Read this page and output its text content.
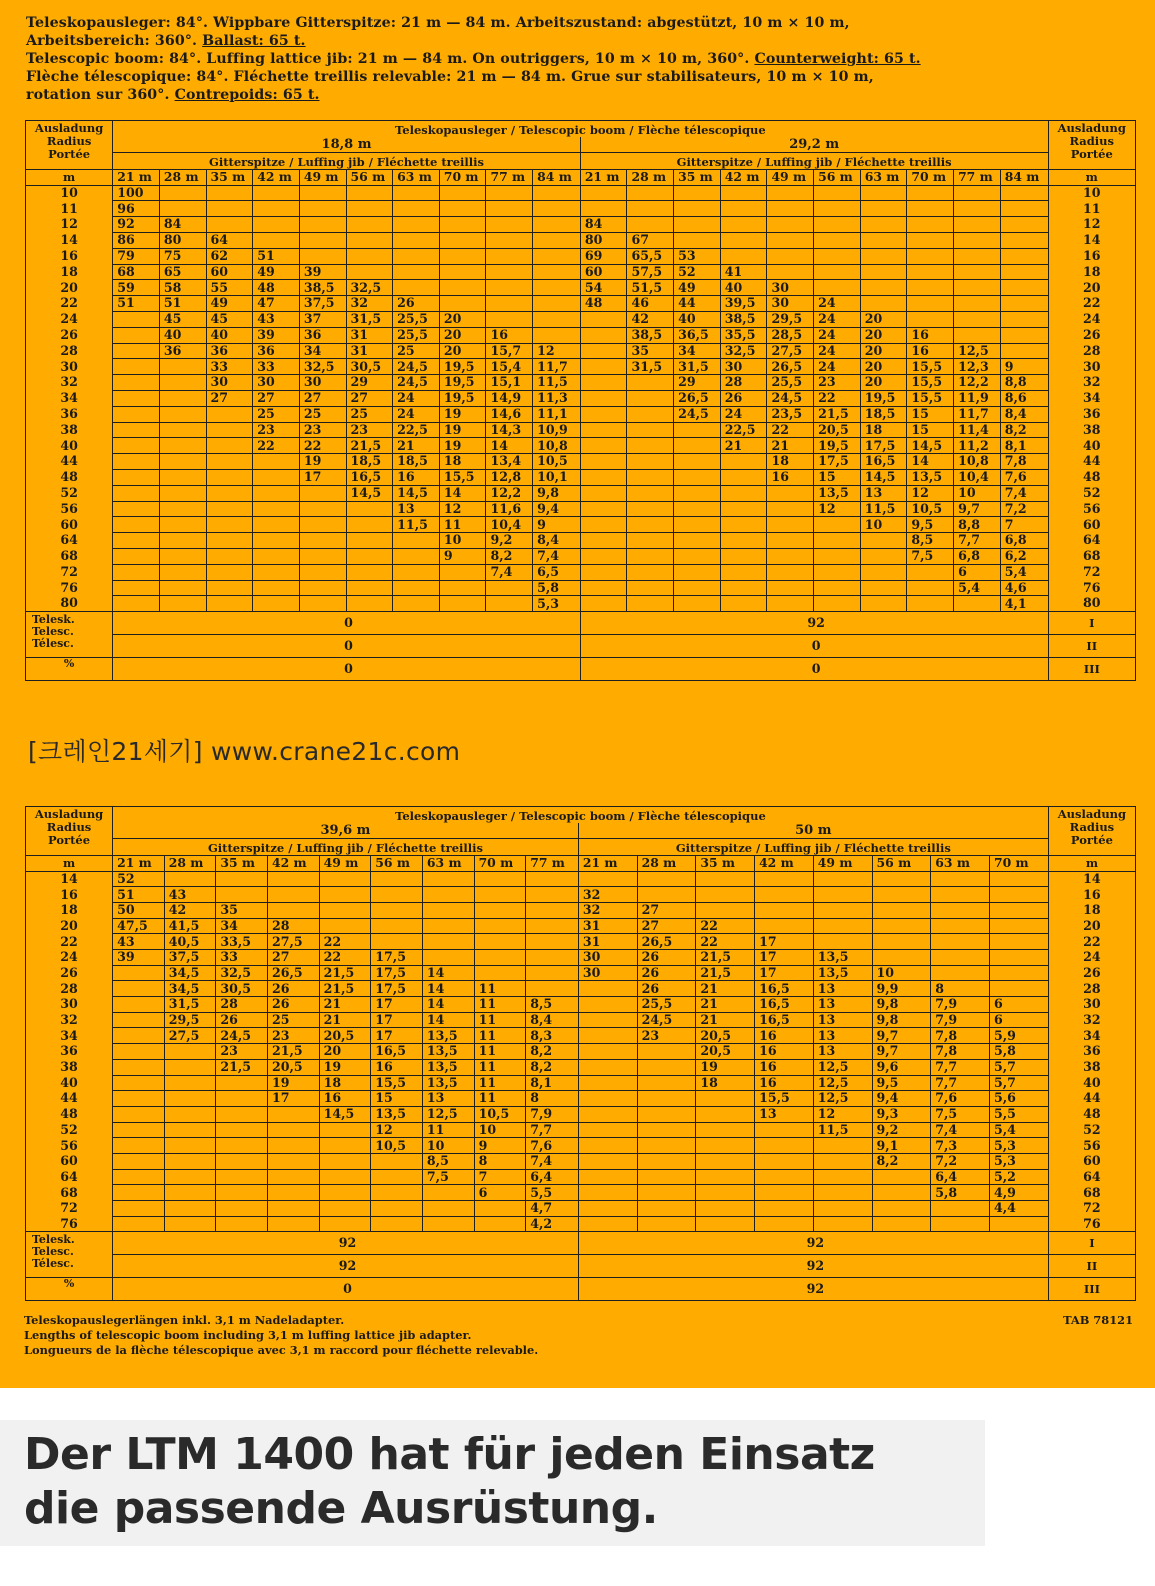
Teleskopausleger: 84°. Wippbare Gitterspitze: 21 m — 84 m. Arbeitszustand: abgestützt, 10 m × 10 m,
Arbeitsbereich: 360°. Ballast: 65 t.
Telescopic boom: 84°. Luffing lattice jib: 21 m — 84 m. On outriggers, 10 m × 10 m, 360°. Counterweight: 65 t.
Flèche télescopique: 84°. Fléchette treillis relevable: 21 m — 84 m. Grue sur stabilisateurs, 10 m × 10 m,
rotation sur 360°. Contrepoids: 65 t.
Ausladung
Radius
Portée	Teleskopausleger / Telescopic boom / Flèche télescopique																				Ausladung
Radius
Portée
	18,8 m										29,2 m										
	Gitterspitze / Luffing jib / Fléchette treillis										Gitterspitze / Luffing jib / Fléchette treillis										
m	21 m	28 m	35 m	42 m	49 m	56 m	63 m	70 m	77 m	84 m	21 m	28 m	35 m	42 m	49 m	56 m	63 m	70 m	77 m	84 m	m
10	100																				10
11	96																				11
12	92	84									84										12
14	86	80	64								80	67									14
16	79	75	62	51							69	65,5	53								16
18	68	65	60	49	39						60	57,5	52	41							18
20	59	58	55	48	38,5	32,5					54	51,5	49	40	30						20
22	51	51	49	47	37,5	32	26				48	46	44	39,5	30	24					22
24		45	45	43	37	31,5	25,5	20				42	40	38,5	29,5	24	20				24
26		40	40	39	36	31	25,5	20	16			38,5	36,5	35,5	28,5	24	20	16			26
28		36	36	36	34	31	25	20	15,7	12		35	34	32,5	27,5	24	20	16	12,5		28
30			33	33	32,5	30,5	24,5	19,5	15,4	11,7		31,5	31,5	30	26,5	24	20	15,5	12,3	9	30
32			30	30	30	29	24,5	19,5	15,1	11,5			29	28	25,5	23	20	15,5	12,2	8,8	32
34			27	27	27	27	24	19,5	14,9	11,3			26,5	26	24,5	22	19,5	15,5	11,9	8,6	34
36				25	25	25	24	19	14,6	11,1			24,5	24	23,5	21,5	18,5	15	11,7	8,4	36
38				23	23	23	22,5	19	14,3	10,9				22,5	22	20,5	18	15	11,4	8,2	38
40				22	22	21,5	21	19	14	10,8				21	21	19,5	17,5	14,5	11,2	8,1	40
44					19	18,5	18,5	18	13,4	10,5					18	17,5	16,5	14	10,8	7,8	44
48					17	16,5	16	15,5	12,8	10,1					16	15	14,5	13,5	10,4	7,6	48
52						14,5	14,5	14	12,2	9,8						13,5	13	12	10	7,4	52
56							13	12	11,6	9,4						12	11,5	10,5	9,7	7,2	56
60							11,5	11	10,4	9							10	9,5	8,8	7	60
64								10	9,2	8,4								8,5	7,7	6,8	64
68								9	8,2	7,4								7,5	6,8	6,2	68
72									7,4	6,5									6	5,4	72
76										5,8									5,4	4,6	76
80										5,3										4,1	80
Telesk.
Telesc.
Télesc.	0										92										I
	0										0										II
%	0										0										III
[크레인21세기] www.crane21c.com
Ausladung
Radius
Portée	Teleskopausleger / Telescopic boom / Flèche télescopique																	Ausladung
Radius
Portée
	39,6 m									50 m								
	Gitterspitze / Luffing jib / Fléchette treillis									Gitterspitze / Luffing jib / Fléchette treillis								
m	21 m	28 m	35 m	42 m	49 m	56 m	63 m	70 m	77 m	21 m	28 m	35 m	42 m	49 m	56 m	63 m	70 m	m
14	52																	14
16	51	43								32								16
18	50	42	35							32	27							18
20	47,5	41,5	34	28						31	27	22						20
22	43	40,5	33,5	27,5	22					31	26,5	22	17					22
24	39	37,5	33	27	22	17,5				30	26	21,5	17	13,5				24
26		34,5	32,5	26,5	21,5	17,5	14			30	26	21,5	17	13,5	10			26
28		34,5	30,5	26	21,5	17,5	14	11			26	21	16,5	13	9,9	8		28
30		31,5	28	26	21	17	14	11	8,5		25,5	21	16,5	13	9,8	7,9	6	30
32		29,5	26	25	21	17	14	11	8,4		24,5	21	16,5	13	9,8	7,9	6	32
34		27,5	24,5	23	20,5	17	13,5	11	8,3		23	20,5	16	13	9,7	7,8	5,9	34
36			23	21,5	20	16,5	13,5	11	8,2			20,5	16	13	9,7	7,8	5,8	36
38			21,5	20,5	19	16	13,5	11	8,2			19	16	12,5	9,6	7,7	5,7	38
40				19	18	15,5	13,5	11	8,1			18	16	12,5	9,5	7,7	5,7	40
44				17	16	15	13	11	8				15,5	12,5	9,4	7,6	5,6	44
48					14,5	13,5	12,5	10,5	7,9				13	12	9,3	7,5	5,5	48
52						12	11	10	7,7					11,5	9,2	7,4	5,4	52
56						10,5	10	9	7,6						9,1	7,3	5,3	56
60							8,5	8	7,4						8,2	7,2	5,3	60
64							7,5	7	6,4							6,4	5,2	64
68								6	5,5							5,8	4,9	68
72									4,7								4,4	72
76									4,2									76
Telesk.
Telesc.
Télesc.	92									92								I
	92									92								II
%	0									92								III
Teleskopauslegerlängen inkl. 3,1 m Nadeladapter.
Lengths of telescopic boom including 3,1 m luffing lattice jib adapter.
Longueurs de la flèche télescopique avec 3,1 m raccord pour fléchette relevable.
TAB 78121
Der LTM 1400 hat für jeden Einsatz
die passende Ausrüstung.
